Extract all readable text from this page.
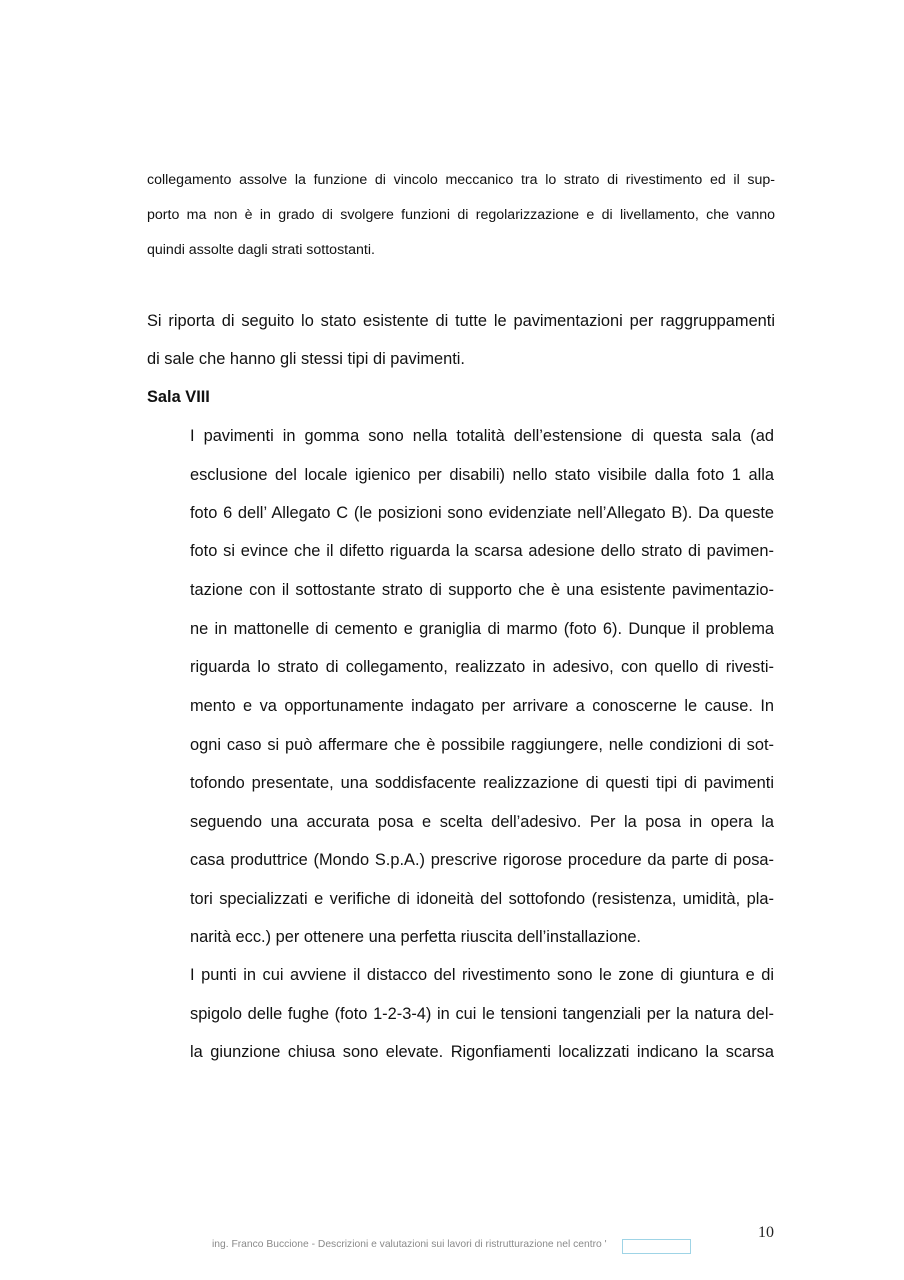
collegamento assolve la funzione di vincolo meccanico tra lo strato di rivestimento ed il sup-

porto ma non è in grado di svolgere funzioni di regolarizzazione e di livellamento, che vanno

quindi assolte dagli strati sottostanti.

Si riporta di seguito lo stato esistente di tutte le pavimentazioni per raggruppamenti

di sale che hanno gli stessi tipi di pavimenti.

Sala VIII

I pavimenti in gomma sono nella totalità dell’estensione di questa sala (ad

esclusione del locale igienico per disabili) nello stato visibile dalla foto 1 alla

foto 6 dell’ Allegato C (le posizioni sono evidenziate nell’Allegato B). Da queste

foto si evince che il difetto riguarda la scarsa adesione dello strato di pavimen-

tazione con il sottostante strato di supporto che è una esistente pavimentazio-

ne in mattonelle di cemento e graniglia di marmo (foto 6). Dunque il problema

riguarda lo strato di collegamento, realizzato in adesivo, con quello di rivesti-

mento e va opportunamente indagato per arrivare a conoscerne le cause. In

ogni caso si può affermare che è possibile raggiungere, nelle condizioni di sot-

tofondo presentate, una soddisfacente realizzazione di questi tipi di pavimenti

seguendo una accurata posa e scelta dell’adesivo. Per la posa in opera la

casa produttrice (Mondo S.p.A.) prescrive rigorose procedure da parte di posa-

tori specializzati e verifiche di idoneità del sottofondo (resistenza, umidità, pla-

narità ecc.) per ottenere una perfetta riuscita dell’installazione.

I punti in cui avviene il distacco del rivestimento sono le zone di giuntura e di

spigolo delle fughe (foto 1-2-3-4) in cui le tensioni tangenziali per la natura del-

la giunzione chiusa sono elevate. Rigonfiamenti localizzati indicano la scarsa

10
ing. Franco Buccione - Descrizioni e valutazioni sui lavori di ristrutturazione nel centro '
